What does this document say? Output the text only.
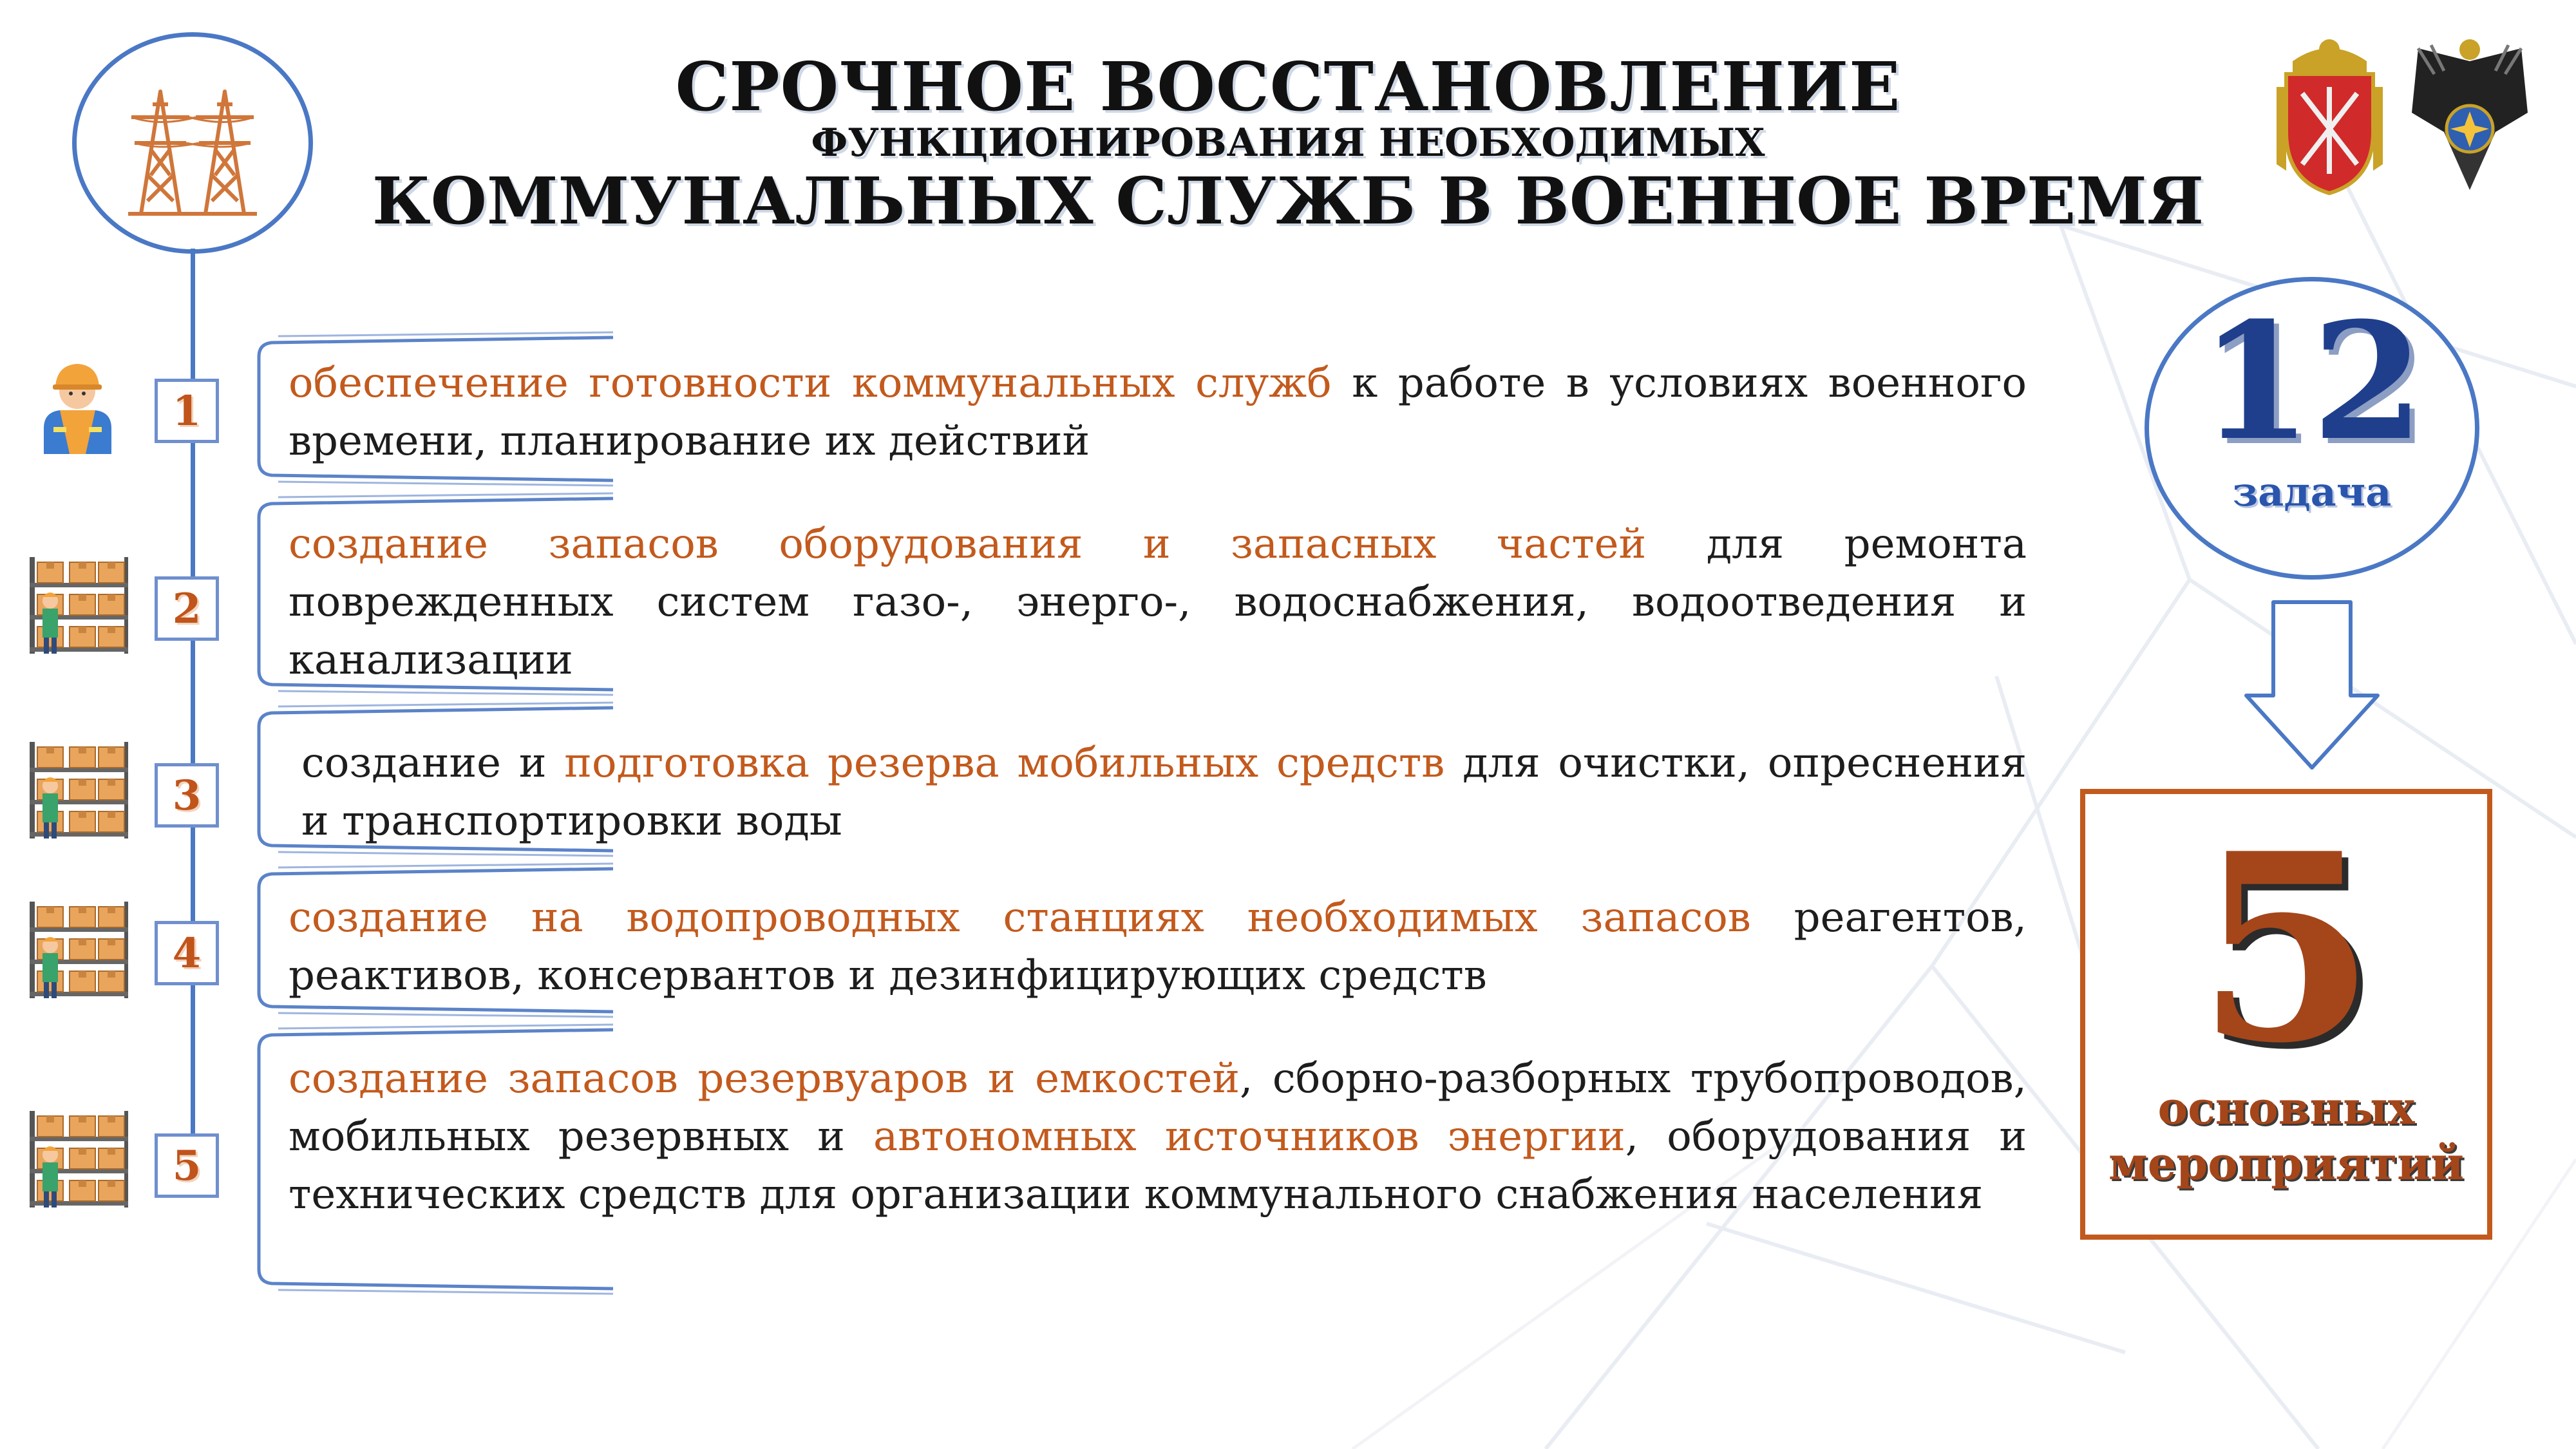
СРОЧНОЕ ВОССТАНОВЛЕНИЕ

ФУНКЦИОНИРОВАНИЯ НЕОБХОДИМЫХ

КОММУНАЛЬНЫХ СЛУЖБ В ВОЕННОЕ ВРЕМЯ

1
обеспечение готовности коммунальных служб к работе в условиях военного времени, планирование их действий
2
создание запасов оборудования и запасных частей для ремонта поврежденных систем газо-, энерго-, водоснабжения, водоотведения и канализации
3
создание и подготовка резерва мобильных средств для очистки, опреснения и транспортировки воды
4
создание на водопроводных станциях необходимых запасов реагентов, реактивов, консервантов и дезинфицирующих средств
5
создание запасов резервуаров и емкостей, сборно-разборных трубопроводов, мобильных резервных и автономных источников энергии, оборудования и технических средств для организации коммунального снабжения населения
12
задача
5
основных
мероприятий
